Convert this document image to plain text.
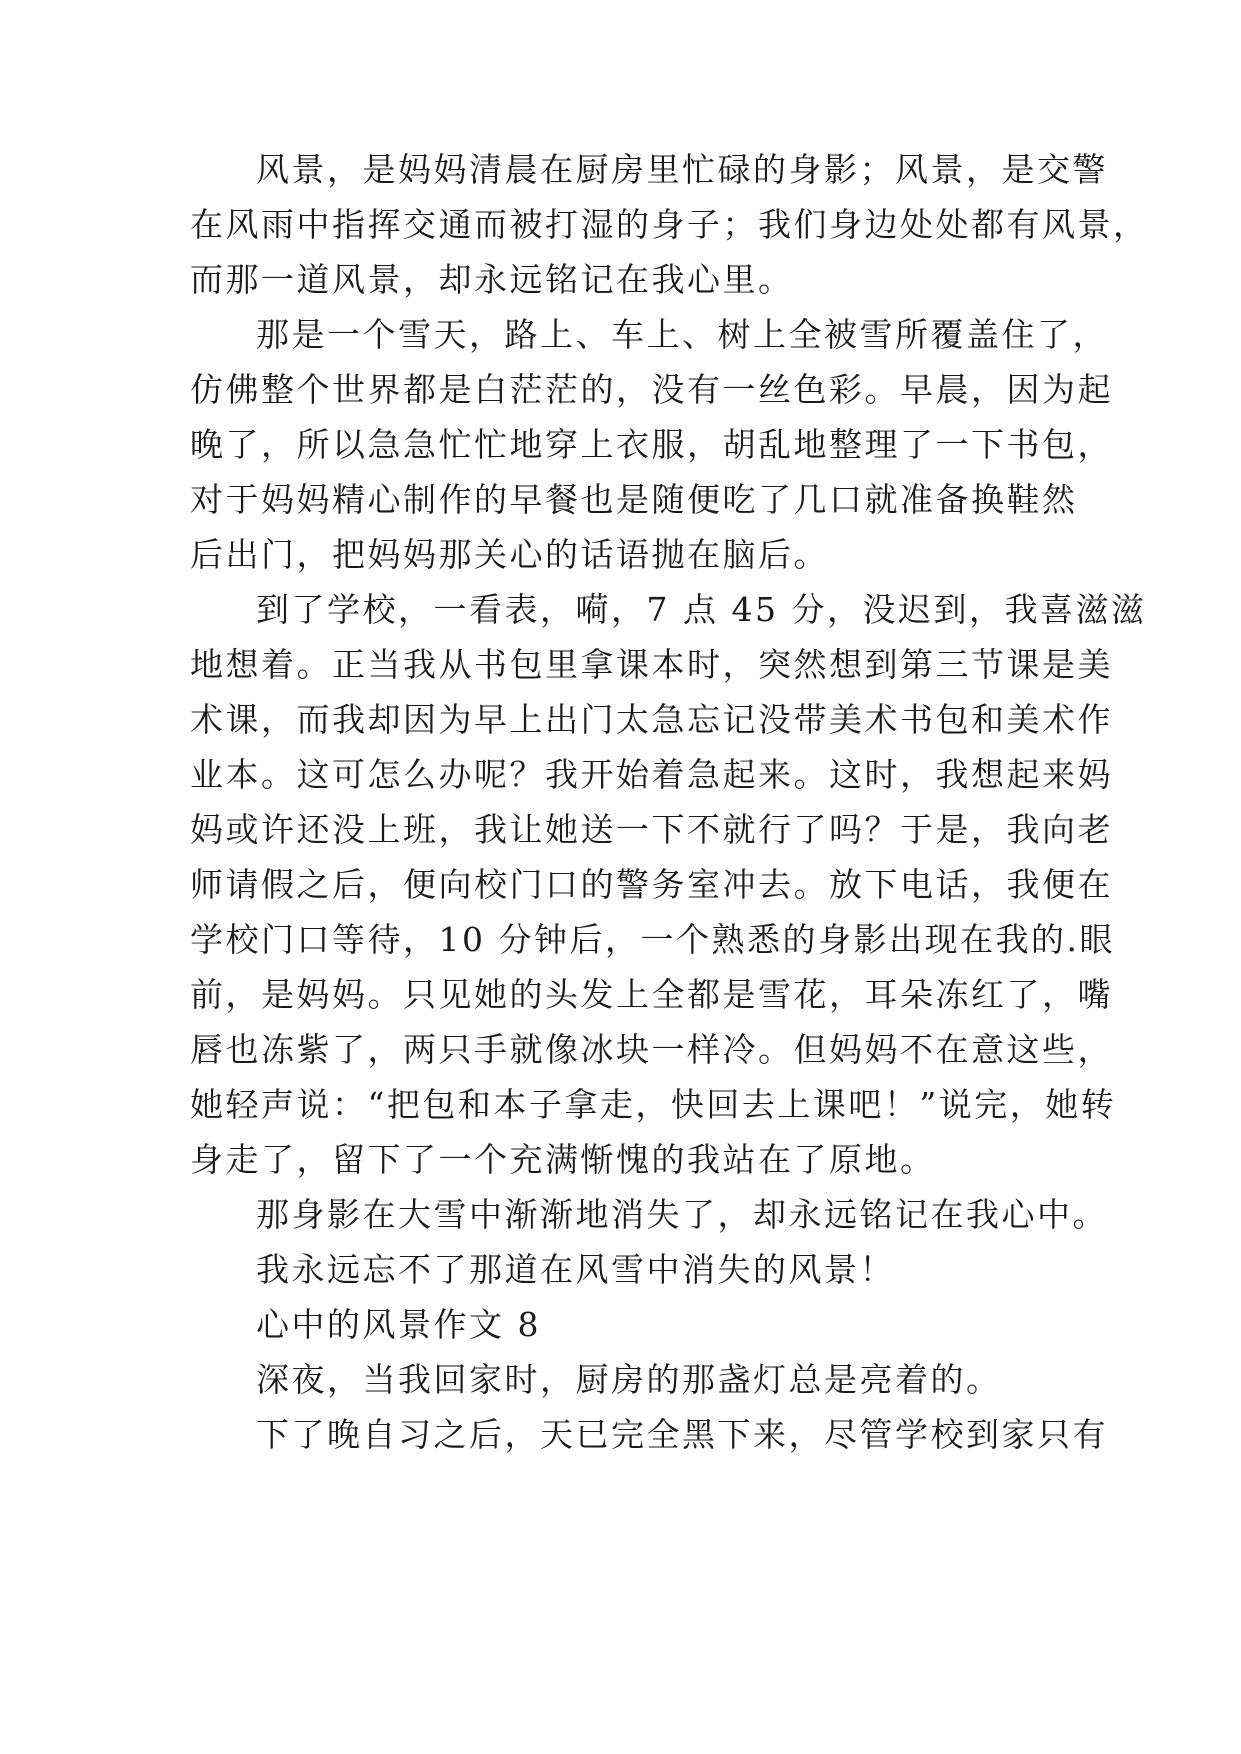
风景，是妈妈清晨在厨房里忙碌的身影；风景，是交警
在风雨中指挥交通而被打湿的身子；我们身边处处都有风景，
而那一道风景，却永远铭记在我心里。
那是一个雪天，路上、车上、树上全被雪所覆盖住了，
仿佛整个世界都是白茫茫的，没有一丝色彩。早晨，因为起
晚了，所以急急忙忙地穿上衣服，胡乱地整理了一下书包，
对于妈妈精心制作的早餐也是随便吃了几口就准备换鞋然
后出门，把妈妈那关心的话语抛在脑后。
到了学校，一看表，嗬，7 点 45 分，没迟到，我喜滋滋
地想着。正当我从书包里拿课本时，突然想到第三节课是美
术课，而我却因为早上出门太急忘记没带美术书包和美术作
业本。这可怎么办呢？我开始着急起来。这时，我想起来妈
妈或许还没上班，我让她送一下不就行了吗？于是，我向老
师请假之后，便向校门口的警务室冲去。放下电话，我便在
学校门口等待，10 分钟后，一个熟悉的身影出现在我的.眼
前，是妈妈。只见她的头发上全都是雪花，耳朵冻红了，嘴
唇也冻紫了，两只手就像冰块一样冷。但妈妈不在意这些，
她轻声说：“把包和本子拿走，快回去上课吧！”说完，她转
身走了，留下了一个充满惭愧的我站在了原地。
那身影在大雪中渐渐地消失了，却永远铭记在我心中。
我永远忘不了那道在风雪中消失的风景！
心中的风景作文 8
深夜，当我回家时，厨房的那盏灯总是亮着的。
下了晚自习之后，天已完全黑下来，尽管学校到家只有
